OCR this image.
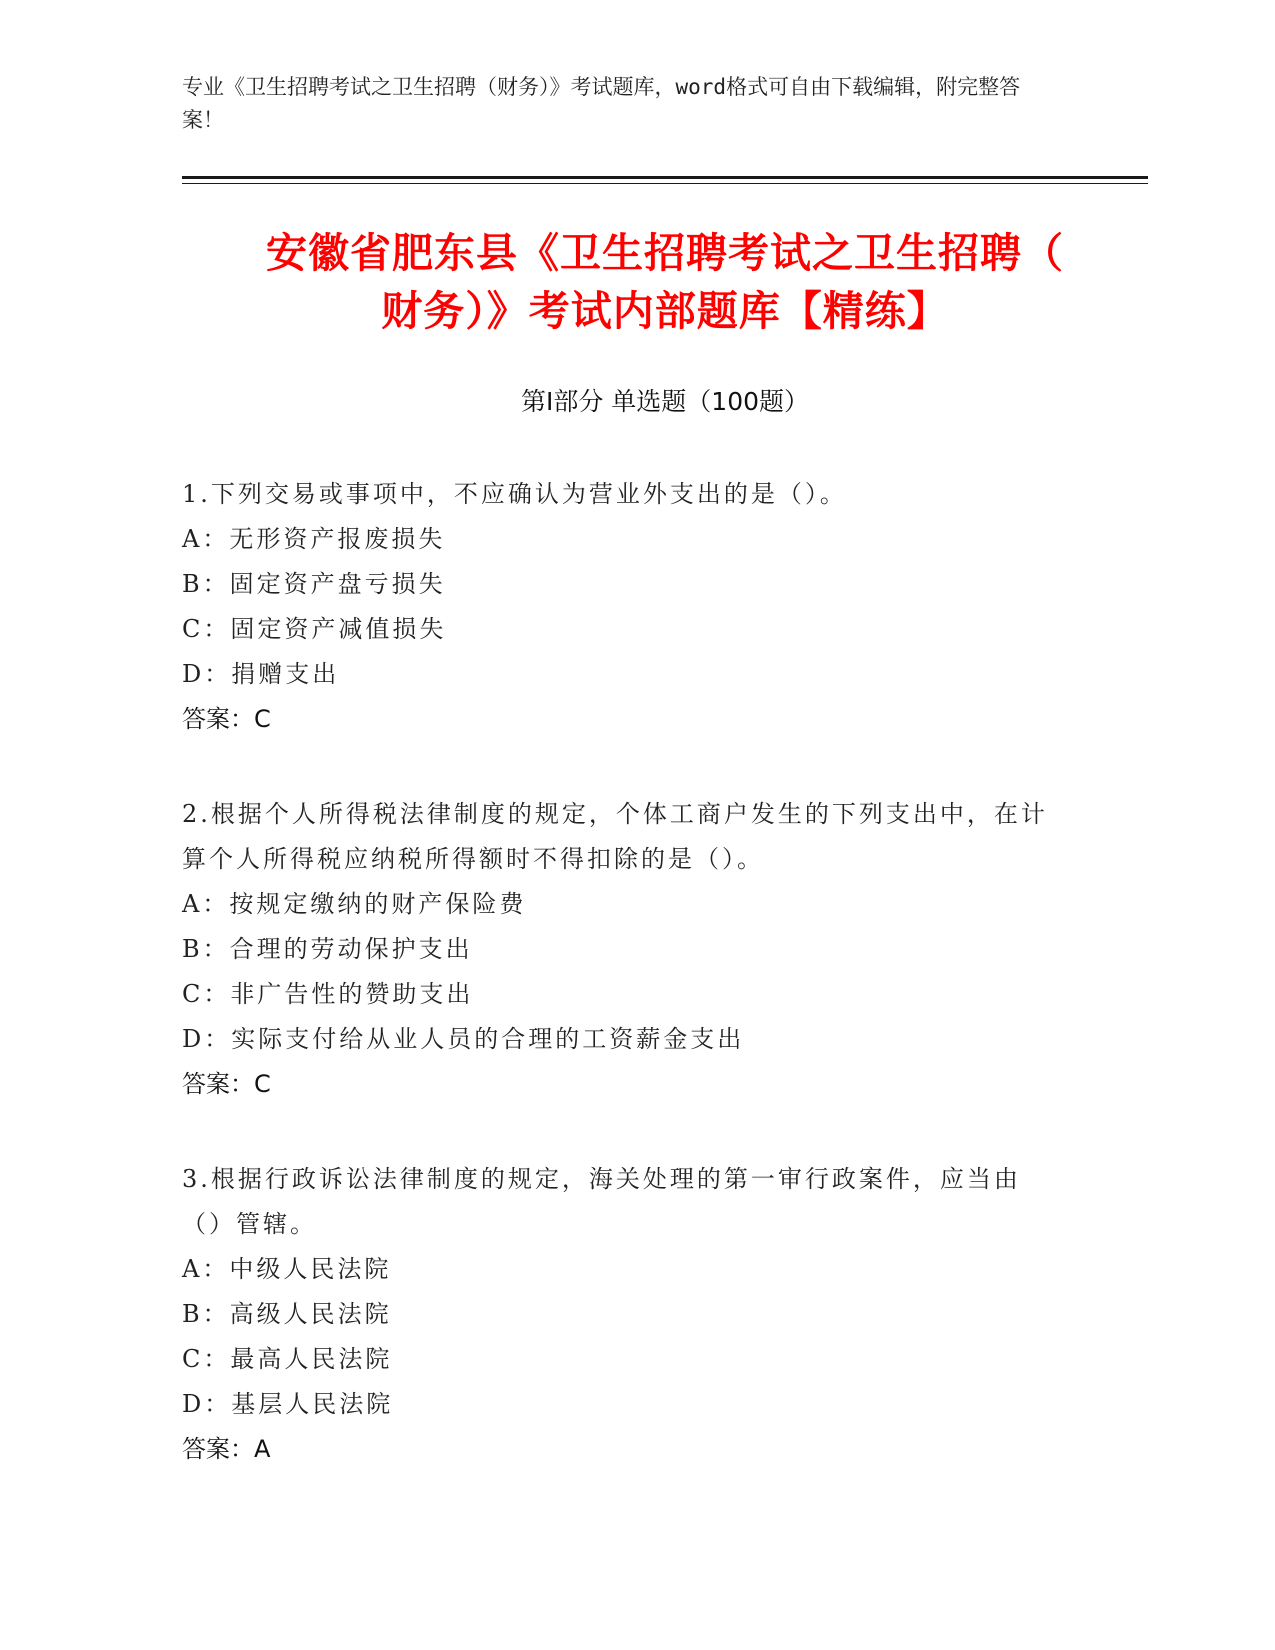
专业《卫生招聘考试之卫生招聘（财务）》考试题库，word格式可自由下载编辑，附完整答案！
安徽省肥东县《卫生招聘考试之卫生招聘（
财务）》考试内部题库【精练】
第Ⅰ部分 单选题（100题）

1.下列交易或事项中，不应确认为营业外支出的是（）。

A：无形资产报废损失
B：固定资产盘亏损失
C：固定资产减值损失
D：捐赠支出
答案：C

2.根据个人所得税法律制度的规定，个体工商户发生的下列支出中，在计算个人所得税应纳税所得额时不得扣除的是（）。

A：按规定缴纳的财产保险费
B：合理的劳动保护支出
C：非广告性的赞助支出
D：实际支付给从业人员的合理的工资薪金支出
答案：C

3.根据行政诉讼法律制度的规定，海关处理的第一审行政案件，应当由（）管辖。

A：中级人民法院
B：高级人民法院
C：最高人民法院
D：基层人民法院
答案：A
